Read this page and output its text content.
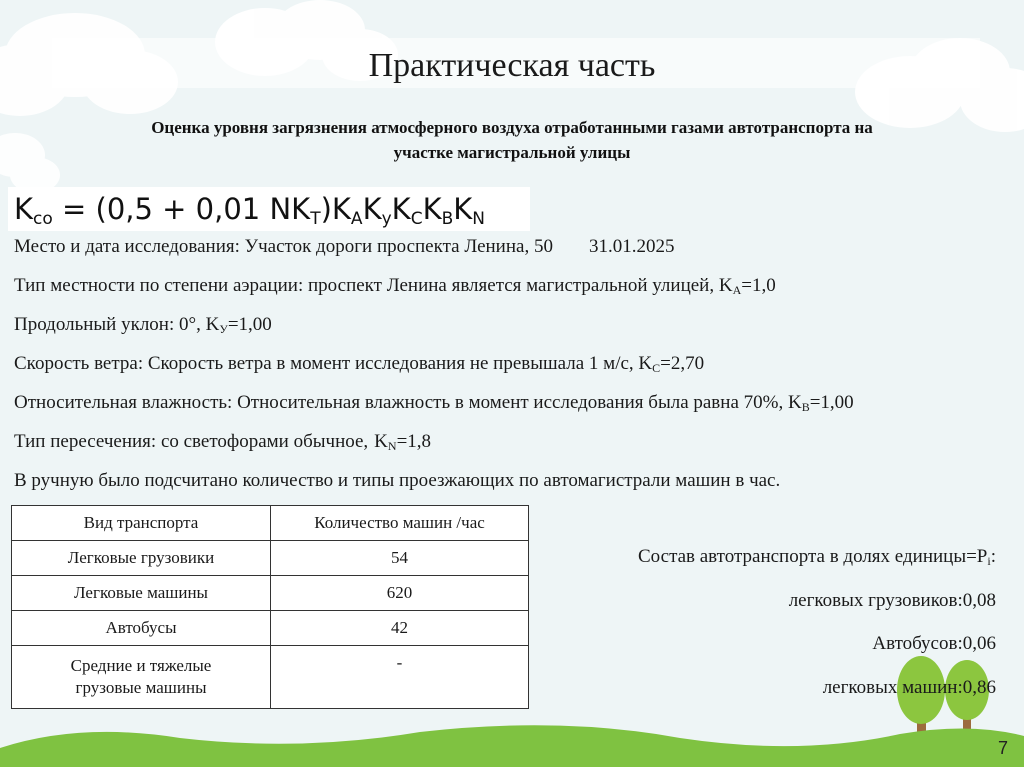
Практическая часть
Оценка уровня загрязнения атмосферного воздуха отработанными газами автотранспорта на
участке магистральной улицы
$K_{co} = (0,5 + 0,01$ $NK_T)K_AK_yK_CK_BK_N$
Место и дата исследования: Участок дороги проспекта Ленина, 50 31.01.2025
Тип местности по степени аэрации: проспект Ленина является магистральной улицей, $K_A=1,0$
Продольный уклон: 0°, $K_У=1,00$
Скорость ветра: Скорость ветра в момент исследования не превышала 1 м/с, $K_C=2,70$
Относительная влажность: Относительная влажность в момент исследования была равна 70%, $K_B=1,00$
Тип пересечения: со светофорами обычное, $K_N=1,8$
В ручную было подсчитано количество и типы проезжающих по автомагистрали машин в час.
Вид транспорта	Количество машин /час
Легковые грузовики	54
Легковые машины	620
Автобусы	42

Средние и тяжелые
грузовые машины	-
Состав автотранспорта в долях $единицы=P_i$:
легковых грузовиков:0,08
Автобусов:0,06
легковых машин:0,86
7
